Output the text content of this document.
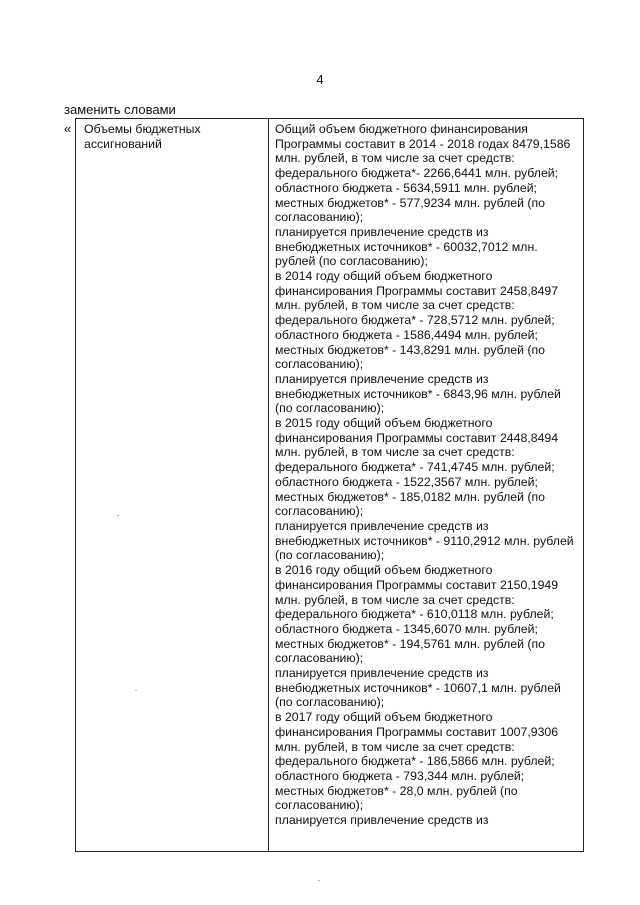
4
заменить словами
«	Объемы бюджетных ассигнований

Общий объем бюджетного финансирования Программы составит в 2014 - 2018 годах 8479,1586 млн. рублей, в том числе за счет средств:

федерального бюджета*- 2266,6441 млн. рублей;

областного бюджета - 5634,5911 млн. рублей;

местных бюджетов* - 577,9234 млн. рублей (по согласованию);

планируется привлечение средств из внебюджетных источников* - 60032,7012 млн. рублей (по согласованию);

в 2014 году общий объем бюджетного финансирования Программы составит 2458,8497 млн. рублей, в том числе за счет средств:

федерального бюджета* - 728,5712 млн. рублей;

областного бюджета - 1586,4494 млн. рублей;

местных бюджетов* - 143,8291 млн. рублей (по согласованию);

планируется привлечение средств из внебюджетных источников* - 6843,96 млн. рублей (по согласованию);

в 2015 году общий объем бюджетного финансирования Программы составит 2448,8494 млн. рублей, в том числе за счет средств:

федерального бюджета* - 741,4745 млн. рублей;

областного бюджета - 1522,3567 млн. рублей;

местных бюджетов* - 185,0182 млн. рублей (по согласованию);

планируется привлечение средств из внебюджетных источников* - 9110,2912 млн. рублей (по согласованию);

в 2016 году общий объем бюджетного финансирования Программы составит 2150,1949 млн. рублей, в том числе за счет средств:

федерального бюджета* - 610,0118 млн. рублей;

областного бюджета - 1345,6070 млн. рублей;

местных бюджетов* - 194,5761 млн. рублей (по согласованию);

планируется привлечение средств из внебюджетных источников* - 10607,1 млн. рублей (по согласованию);

в 2017 году общий объем бюджетного финансирования Программы составит 1007,9306 млн. рублей, в том числе за счет средств:

федерального бюджета* - 186,5866 млн. рублей;

областного бюджета - 793,344 млн. рублей;

местных бюджетов* - 28,0 млн. рублей (по согласованию);

планируется привлечение средств из
